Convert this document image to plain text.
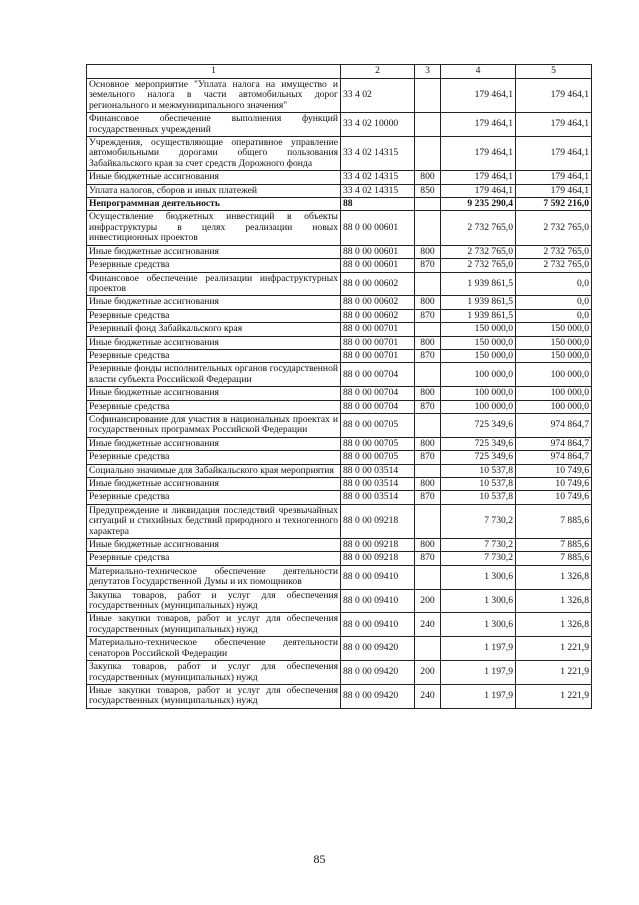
1	2	3	4	5
Основное мероприятие "Уплата налога на имущество и земельного налога в части автомобильных дорог регионального и межмуниципального значения"	33 4 02		179 464,1	179 464,1
Финансовое обеспечение выполнения функций государственных учреждений	33 4 02 10000		179 464,1	179 464,1
Учреждения, осуществляющие оперативное управление автомобильными дорогами общего пользования Забайкальского края за счет средств Дорожного фонда	33 4 02 14315		179 464,1	179 464,1
Иные бюджетные ассигнования	33 4 02 14315	800	179 464,1	179 464,1
Уплата налогов, сборов и иных платежей	33 4 02 14315	850	179 464,1	179 464,1
Непрограммная деятельность	88		9 235 290,4	7 592 216,0
Осуществление бюджетных инвестиций в объекты инфраструктуры в целях реализации новых инвестиционных проектов	88 0 00 00601		2 732 765,0	2 732 765,0
Иные бюджетные ассигнования	88 0 00 00601	800	2 732 765,0	2 732 765,0
Резервные средства	88 0 00 00601	870	2 732 765,0	2 732 765,0
Финансовое обеспечение реализации инфраструктурных проектов	88 0 00 00602		1 939 861,5	0,0
Иные бюджетные ассигнования	88 0 00 00602	800	1 939 861,5	0,0
Резервные средства	88 0 00 00602	870	1 939 861,5	0,0
Резервный фонд Забайкальского края	88 0 00 00701		150 000,0	150 000,0
Иные бюджетные ассигнования	88 0 00 00701	800	150 000,0	150 000,0
Резервные средства	88 0 00 00701	870	150 000,0	150 000,0
Резервные фонды исполнительных органов государственной власти субъекта Российской Федерации	88 0 00 00704		100 000,0	100 000,0
Иные бюджетные ассигнования	88 0 00 00704	800	100 000,0	100 000,0
Резервные средства	88 0 00 00704	870	100 000,0	100 000,0
Софинансирование для участия в национальных проектах и государственных программах Российской Федерации	88 0 00 00705		725 349,6	974 864,7
Иные бюджетные ассигнования	88 0 00 00705	800	725 349,6	974 864,7
Резервные средства	88 0 00 00705	870	725 349,6	974 864,7
Социально значимые для Забайкальского края мероприятия	88 0 00 03514		10 537,8	10 749,6
Иные бюджетные ассигнования	88 0 00 03514	800	10 537,8	10 749,6
Резервные средства	88 0 00 03514	870	10 537,8	10 749,6
Предупреждение и ликвидация последствий чрезвычайных ситуаций и стихийных бедствий природного и техногенного характера	88 0 00 09218		7 730,2	7 885,6
Иные бюджетные ассигнования	88 0 00 09218	800	7 730,2	7 885,6
Резервные средства	88 0 00 09218	870	7 730,2	7 885,6
Материально-техническое обеспечение деятельности депутатов Государственной Думы и их помощников	88 0 00 09410		1 300,6	1 326,8
Закупка товаров, работ и услуг для обеспечения государственных (муниципальных) нужд	88 0 00 09410	200	1 300,6	1 326,8
Иные закупки товаров, работ и услуг для обеспечения государственных (муниципальных) нужд	88 0 00 09410	240	1 300,6	1 326,8
Материально-техническое обеспечение деятельности сенаторов Российской Федерации	88 0 00 09420		1 197,9	1 221,9
Закупка товаров, работ и услуг для обеспечения государственных (муниципальных) нужд	88 0 00 09420	200	1 197,9	1 221,9
Иные закупки товаров, работ и услуг для обеспечения государственных (муниципальных) нужд	88 0 00 09420	240	1 197,9	1 221,9
85
